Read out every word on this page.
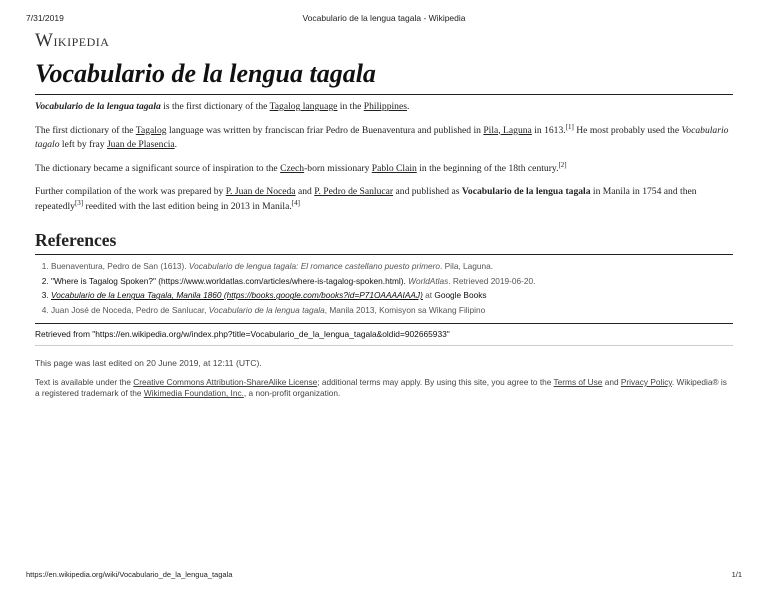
7/31/2019	Vocabulario de la lengua tagala - Wikipedia
Wikipedia
Vocabulario de la lengua tagala

Vocabulario de la lengua tagala is the first dictionary of the Tagalog language in the Philippines.

The first dictionary of the Tagalog language was written by franciscan friar Pedro de Buenaventura and published in Pila, Laguna in 1613.[1] He most probably used the Vocabulario tagalo left by fray Juan de Plasencia.

The dictionary became a significant source of inspiration to the Czech-born missionary Pablo Clain in the beginning of the 18th century.[2]

Further compilation of the work was prepared by P. Juan de Noceda and P. Pedro de Sanlucar and published as Vocabulario de la lengua tagala in Manila in 1754 and then repeatedly[3] reedited with the last edition being in 2013 in Manila.[4]

References
1. Buenaventura, Pedro de San (1613). Vocabulario de lengua tagala: El romance castellano puesto primero. Pila, Laguna.
2. "Where is Tagalog Spoken?" (https://www.worldatlas.com/articles/where-is-tagalog-spoken.html). WorldAtlas. Retrieved 2019-06-20.
3. Vocabulario de la Lengua Tagala, Manila 1860 (https://books.google.com/books?id=P71OAAAAIAAJ) at Google Books
4. Juan José de Noceda, Pedro de Sanlucar, Vocabulario de la lengua tagala, Manila 2013, Komisyon sa Wikang Filipino
Retrieved from "https://en.wikipedia.org/w/index.php?title=Vocabulario_de_la_lengua_tagala&oldid=902665933"
This page was last edited on 20 June 2019, at 12:11 (UTC).
Text is available under the Creative Commons Attribution-ShareAlike License; additional terms may apply. By using this site, you agree to the Terms of Use and Privacy Policy. Wikipedia® is a registered trademark of the Wikimedia Foundation, Inc., a non-profit organization.
https://en.wikipedia.org/wiki/Vocabulario_de_la_lengua_tagala	1/1
